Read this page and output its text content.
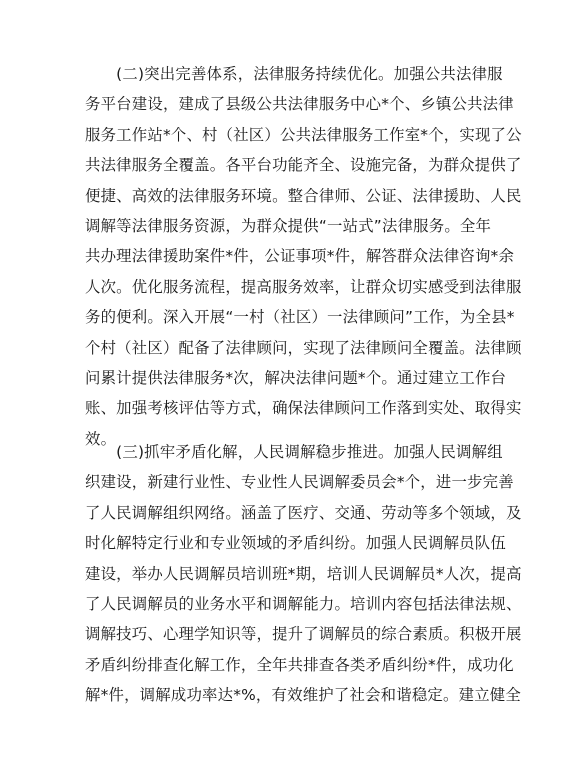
　　(二)突出完善体系，法律服务持续优化。加强公共法律服
务平台建设，建成了县级公共法律服务中心*个、乡镇公共法律
服务工作站*个、村（社区）公共法律服务工作室*个，实现了公
共法律服务全覆盖。各平台功能齐全、设施完备，为群众提供了
便捷、高效的法律服务环境。整合律师、公证、法律援助、人民
调解等法律服务资源，为群众提供“一站式”法律服务。全年
共办理法律援助案件*件，公证事项*件，解答群众法律咨询*余
人次。优化服务流程，提高服务效率，让群众切实感受到法律服
务的便利。深入开展“一村（社区）一法律顾问”工作，为全县*
个村（社区）配备了法律顾问，实现了法律顾问全覆盖。法律顾
问累计提供法律服务*次，解决法律问题*个。通过建立工作台
账、加强考核评估等方式，确保法律顾问工作落到实处、取得实
效。
　　(三)抓牢矛盾化解，人民调解稳步推进。加强人民调解组
织建设，新建行业性、专业性人民调解委员会*个，进一步完善
了人民调解组织网络。涵盖了医疗、交通、劳动等多个领域，及
时化解特定行业和专业领域的矛盾纠纷。加强人民调解员队伍
建设，举办人民调解员培训班*期，培训人民调解员*人次，提高
了人民调解员的业务水平和调解能力。培训内容包括法律法规、
调解技巧、心理学知识等，提升了调解员的综合素质。积极开展
矛盾纠纷排查化解工作，全年共排查各类矛盾纠纷*件，成功化
解*件，调解成功率达*%，有效维护了社会和谐稳定。建立健全
